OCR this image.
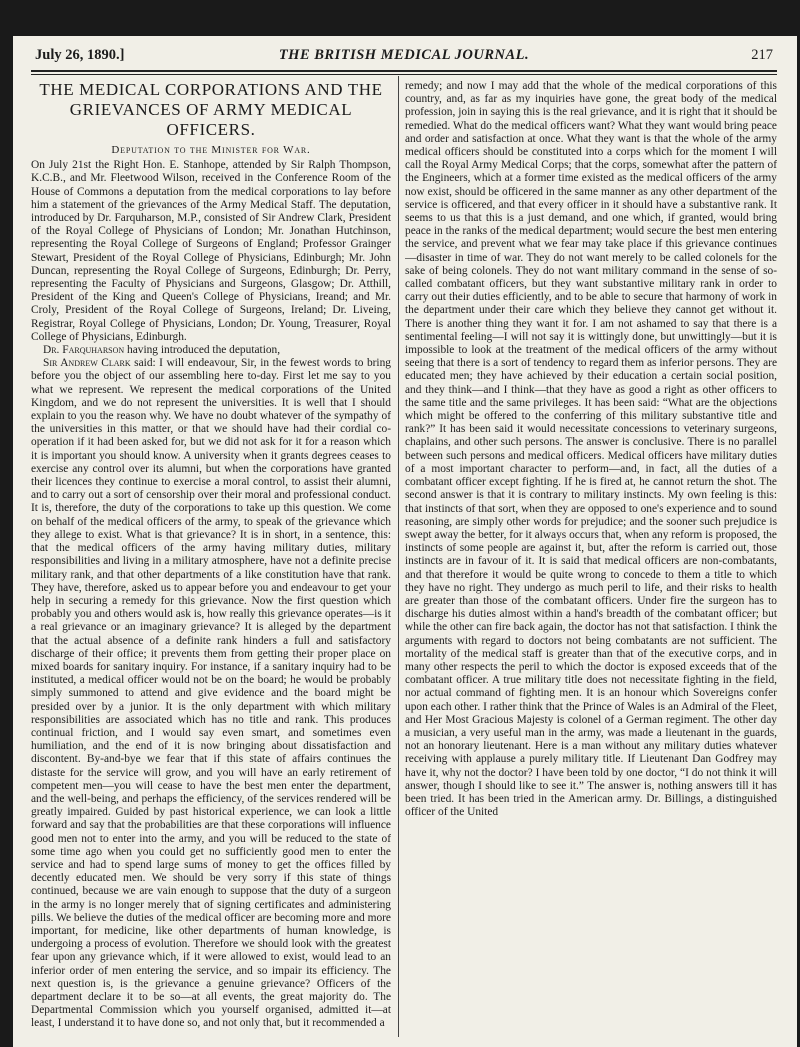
July 26, 1890.]	THE BRITISH MEDICAL JOURNAL.	217
THE MEDICAL CORPORATIONS AND THE GRIEVANCES OF ARMY MEDICAL OFFICERS.
Deputation to the Minister for War.

On July 21st the Right Hon. E. Stanhope, attended by Sir Ralph Thompson, K.C.B., and Mr. Fleetwood Wilson, received in the Conference Room of the House of Commons a deputation from the medical corporations to lay before him a statement of the grievances of the Army Medical Staff. The deputation, introduced by Dr. Farquharson, M.P., consisted of Sir Andrew Clark, President of the Royal College of Physicians of London; Mr. Jonathan Hutchinson, representing the Royal College of Surgeons of England; Professor Grainger Stewart, President of the Royal College of Physicians, Edinburgh; Mr. John Duncan, representing the Royal College of Surgeons, Edinburgh; Dr. Perry, representing the Faculty of Physicians and Surgeons, Glasgow; Dr. Atthill, President of the King and Queen's College of Physicians, Ireand; and Mr. Croly, President of the Royal College of Surgeons, Ireland; Dr. Liveing, Registrar, Royal College of Physicians, London; Dr. Young, Treasurer, Royal College of Physicians, Edinburgh.

Dr. Farquharson having introduced the deputation,

Sir Andrew Clark said: I will endeavour, Sir, in the fewest words to bring before you the object of our assembling here to-day. First let me say to you what we represent. We represent the medical corporations of the United Kingdom, and we do not represent the universities. It is well that I should explain to you the reason why. We have no doubt whatever of the sympathy of the universities in this matter, or that we should have had their cordial co-operation if it had been asked for, but we did not ask for it for a reason which it is important you should know. A university when it grants degrees ceases to exercise any control over its alumni, but when the corporations have granted their licences they continue to exercise a moral control, to assist their alumni, and to carry out a sort of censorship over their moral and professional conduct. It is, therefore, the duty of the corporations to take up this question. We come on behalf of the medical officers of the army, to speak of the grievance which they allege to exist. What is that grievance? It is in short, in a sentence, this: that the medical officers of the army having military duties, military responsibilities and living in a military atmosphere, have not a definite precise military rank, and that other departments of a like constitution have that rank. They have, therefore, asked us to appear before you and endeavour to get your help in securing a remedy for this grievance. Now the first question which probably you and others would ask is, how really this grievance operates—is it a real grievance or an imaginary grievance? It is alleged by the department that the actual absence of a definite rank hinders a full and satisfactory discharge of their office; it prevents them from getting their proper place on mixed boards for sanitary inquiry. For instance, if a sanitary inquiry had to be instituted, a medical officer would not be on the board; he would be probably simply summoned to attend and give evidence and the board might be presided over by a junior. It is the only department with which military responsibilities are associated which has no title and rank. This produces continual friction, and I would say even smart, and sometimes even humiliation, and the end of it is now bringing about dissatisfaction and discontent. By-and-bye we fear that if this state of affairs continues the distaste for the service will grow, and you will have an early retirement of competent men—you will cease to have the best men enter the department, and the well-being, and perhaps the efficiency, of the services rendered will be greatly impaired. Guided by past historical experience, we can look a little forward and say that the probabilities are that these corporations will influence good men not to enter into the army, and you will be reduced to the state of some time ago when you could get no sufficiently good men to enter the service and had to spend large sums of money to get the offices filled by decently educated men. We should be very sorry if this state of things continued, because we are vain enough to suppose that the duty of a surgeon in the army is no longer merely that of signing certificates and administering pills. We believe the duties of the medical officer are becoming more and more important, for medicine, like other departments of human knowledge, is undergoing a process of evolution. Therefore we should look with the greatest fear upon any grievance which, if it were allowed to exist, would lead to an inferior order of men entering the service, and so impair its efficiency. The next question is, is the grievance a genuine grievance? Officers of the department declare it to be so—at all events, the great majority do. The Departmental Commission which you yourself organised, admitted it—at least, I understand it to have done so, and not only that, but it recommended a

remedy; and now I may add that the whole of the medical corporations of this country, and, as far as my inquiries have gone, the great body of the medical profession, join in saying this is the real grievance, and it is right that it should be remedied. What do the medical officers want? What they want would bring peace and order and satisfaction at once. What they want is that the whole of the army medical officers should be constituted into a corps which for the moment I will call the Royal Army Medical Corps; that the corps, somewhat after the pattern of the Engineers, which at a former time existed as the medical officers of the army now exist, should be officered in the same manner as any other department of the service is officered, and that every officer in it should have a substantive rank. It seems to us that this is a just demand, and one which, if granted, would bring peace in the ranks of the medical department; would secure the best men entering the service, and prevent what we fear may take place if this grievance continues—disaster in time of war. They do not want merely to be called colonels for the sake of being colonels. They do not want military command in the sense of so-called combatant officers, but they want substantive military rank in order to carry out their duties efficiently, and to be able to secure that harmony of work in the department under their care which they believe they cannot get without it. There is another thing they want it for. I am not ashamed to say that there is a sentimental feeling—I will not say it is wittingly done, but unwittingly—but it is impossible to look at the treatment of the medical officers of the army without seeing that there is a sort of tendency to regard them as inferior persons. They are educated men; they have achieved by their education a certain social position, and they think—and I think—that they have as good a right as other officers to the same title and the same privileges. It has been said: “What are the objections which might be offered to the conferring of this military substantive title and rank?” It has been said it would necessitate concessions to veterinary surgeons, chaplains, and other such persons. The answer is conclusive. There is no parallel between such persons and medical officers. Medical officers have military duties of a most important character to perform—and, in fact, all the duties of a combatant officer except fighting. If he is fired at, he cannot return the shot. The second answer is that it is contrary to military instincts. My own feeling is this: that instincts of that sort, when they are opposed to one's experience and to sound reasoning, are simply other words for prejudice; and the sooner such prejudice is swept away the better, for it always occurs that, when any reform is proposed, the instincts of some people are against it, but, after the reform is carried out, those instincts are in favour of it. It is said that medical officers are non-combatants, and that therefore it would be quite wrong to concede to them a title to which they have no right. They undergo as much peril to life, and their risks to health are greater than those of the combatant officers. Under fire the surgeon has to discharge his duties almost within a hand's breadth of the combatant officer; but while the other can fire back again, the doctor has not that satisfaction. I think the arguments with regard to doctors not being combatants are not sufficient. The mortality of the medical staff is greater than that of the executive corps, and in many other respects the peril to which the doctor is exposed exceeds that of the combatant officer. A true military title does not necessitate fighting in the field, nor actual command of fighting men. It is an honour which Sovereigns confer upon each other. I rather think that the Prince of Wales is an Admiral of the Fleet, and Her Most Gracious Majesty is colonel of a German regiment. The other day a musician, a very useful man in the army, was made a lieutenant in the guards, not an honorary lieutenant. Here is a man without any military duties whatever receiving with applause a purely military title. If Lieutenant Dan Godfrey may have it, why not the doctor? I have been told by one doctor, “I do not think it will answer, though I should like to see it.” The answer is, nothing answers till it has been tried. It has been tried in the American army. Dr. Billings, a distinguished officer of the United
